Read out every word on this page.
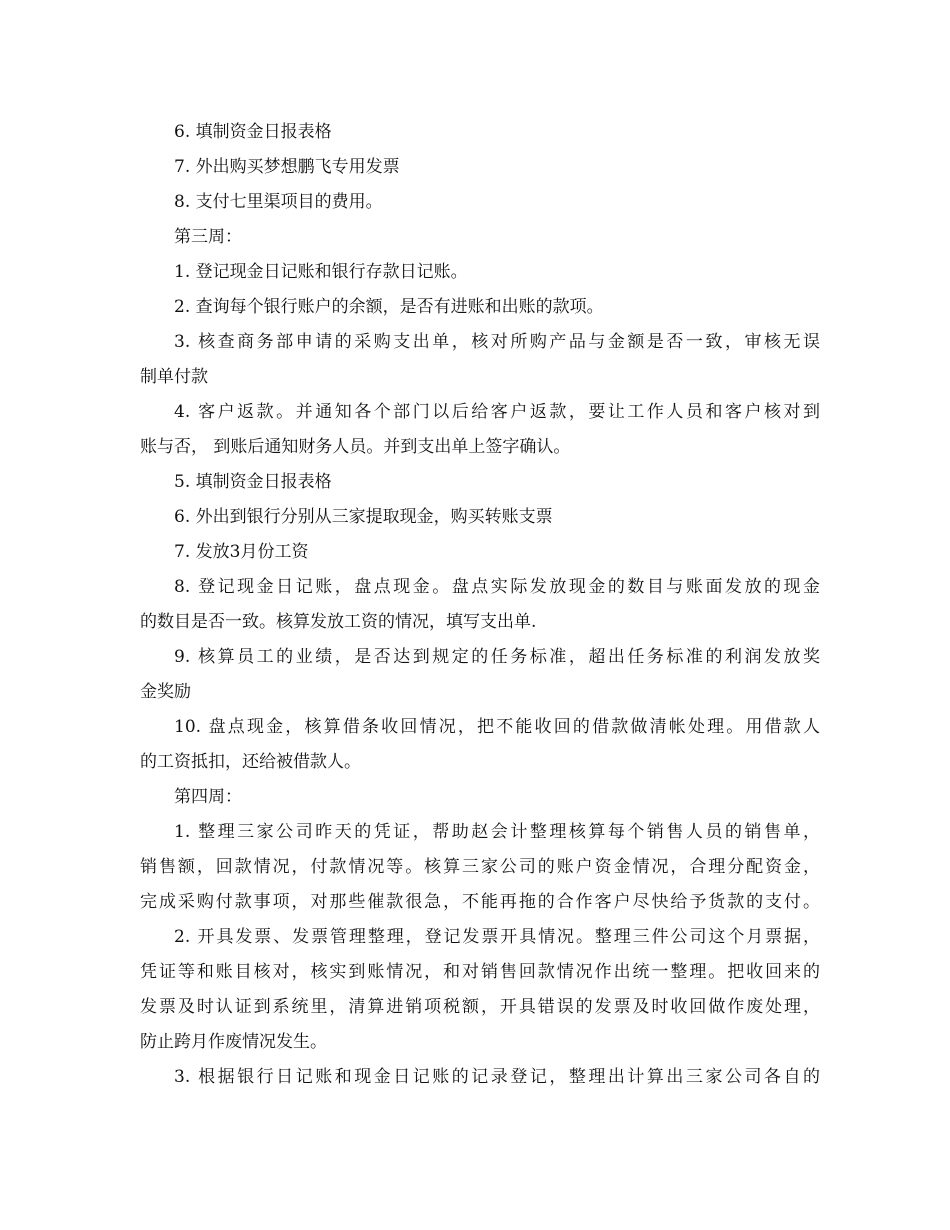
6. 填制资金日报表格
7. 外出购买梦想鹏飞专用发票
8. 支付七里渠项目的费用。
第三周：
1. 登记现金日记账和银行存款日记账。
2. 查询每个银行账户的余额，是否有进账和出账的款项。
3. 核查商务部申请的采购支出单，核对所购产品与金额是否一致，审核无误
制单付款
4. 客户返款。并通知各个部门以后给客户返款，要让工作人员和客户核对到
账与否， 到账后通知财务人员。并到支出单上签字确认。
5. 填制资金日报表格
6. 外出到银行分别从三家提取现金，购买转账支票
7. 发放3月份工资
8. 登记现金日记账，盘点现金。盘点实际发放现金的数目与账面发放的现金
的数目是否一致。核算发放工资的情况，填写支出单.
9. 核算员工的业绩，是否达到规定的任务标准，超出任务标准的利润发放奖
金奖励
10. 盘点现金，核算借条收回情况，把不能收回的借款做清帐处理。用借款人
的工资抵扣，还给被借款人。
第四周：
1. 整理三家公司昨天的凭证，帮助赵会计整理核算每个销售人员的销售单，
销售额，回款情况，付款情况等。核算三家公司的账户资金情况，合理分配资金，
完成采购付款事项，对那些催款很急，不能再拖的合作客户尽快给予货款的支付。
2. 开具发票、发票管理整理，登记发票开具情况。整理三件公司这个月票据，
凭证等和账目核对，核实到账情况，和对销售回款情况作出统一整理。把收回来的
发票及时认证到系统里，清算进销项税额，开具错误的发票及时收回做作废处理，
防止跨月作废情况发生。
3. 根据银行日记账和现金日记账的记录登记，整理出计算出三家公司各自的
